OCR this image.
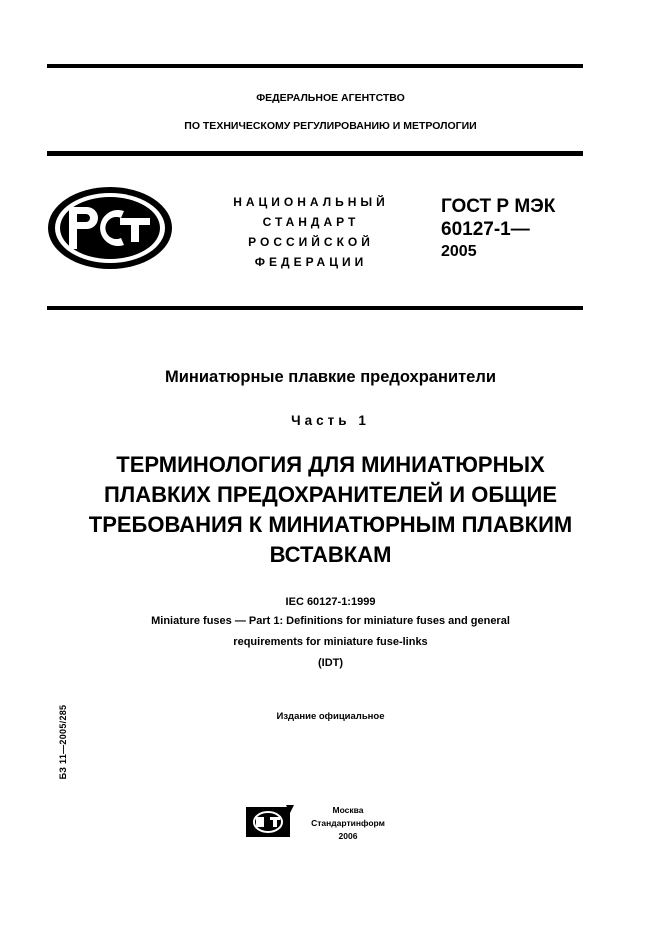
ФЕДЕРАЛЬНОЕ АГЕНТСТВО
ПО ТЕХНИЧЕСКОМУ РЕГУЛИРОВАНИЮ И МЕТРОЛОГИИ
НАЦИОНАЛЬНЫЙ
СТАНДАРТ
РОССИЙСКОЙ
ФЕДЕРАЦИИ
ГОСТ Р МЭК
60127-1—
2005
Миниатюрные плавкие предохранители
Часть 1
ТЕРМИНОЛОГИЯ ДЛЯ МИНИАТЮРНЫХ ПЛАВКИХ ПРЕДОХРАНИТЕЛЕЙ И ОБЩИЕ ТРЕБОВАНИЯ К МИНИАТЮРНЫМ ПЛАВКИМ ВСТАВКАМ
IEC 60127-1:1999
Miniature fuses — Part 1: Definitions for miniature fuses and general
requirements for miniature fuse-links
(IDT)
Издание официальное
БЗ 11—2005/285
Москва
Стандартинформ
2006
